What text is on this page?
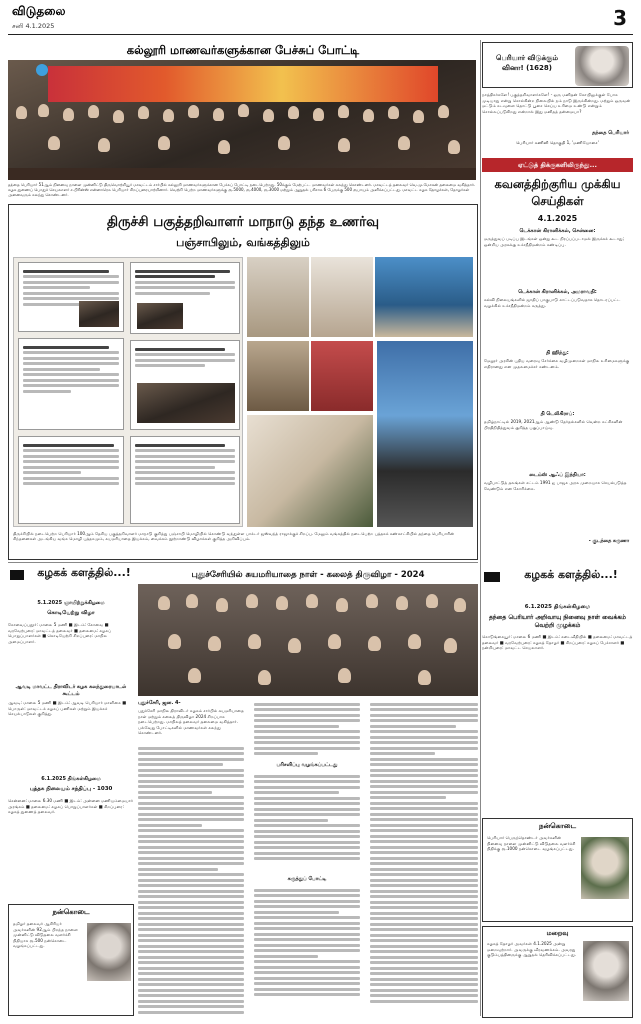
விடுதலை
சனி 4.1.2025	3
கல்லூரி மாணவர்களுக்கான பேச்சுப் போட்டி
தந்தை பெரியார் 51ஆம் நினைவு நாளை முன்னிட்டு திருவொற்றியூர் மாவட்டம் சார்பில் கல்லூரி மாணவர்களுக்கான பேச்சுப் போட்டி நடைபெற்றது. 50க்கும் மேற்பட்ட மாணவர்கள் கலந்து கொண்டனர். மாவட்டத் தலைவர் வெ.மு.மோகன் தலைமை வகித்தார். கழக துணைப் பொதுச் செயலாளர் ச.பிரின்ஸ் என்னாரெசு பெரியார் சிறப்புரையாற்றினார். வெற்றி பெற்ற மாணவர்களுக்கு ரூ.5000, ரூ.4000, ரூ.3000 மற்றும் ஆறுதல் பரிசாக 6 பேருக்கு 500 ரூபாயும் அளிக்கப்பட்டது. மாவட்ட கழக தோழர்கள், தோழர்கள் அனைவரும் கலந்து கொண்டனர்.
பெரியார் விடுக்கும் வினா! (1628)
நாத்திகர்களே! பகுத்தறிவாளர்களே! - ஒரு மனிதன் கோயிலுக்குள் போக முடியாது என்று சொல்கின்ற நிலையில் நம் நாடு இருக்கின்றது. மற்றும் ஒருவன் மட்டும் கடவுளை தொட்டு பூசை செய்ய உரிமை உண்டு என்றும் சொல்லப்படுகிறது என்றால் இது மனிதத் தன்மையா?
தந்தை பெரியார்
பெரியார் கணினி தொகுதி 1, 'மணியோசை'
ஏட்டுத் திக்குகளிலிருந்து...
கவனத்திற்குரிய முக்கிய செய்திகள்
4.1.2025
டெக்கான் கிரானிக்கல், சென்னை:
மருத்துவப் படிப்பு இடங்கள் ஒன்று கூட நிரப்பப்படாமல் இருக்கக் கூடாது; ஒன்றிய அரசுக்கு உச்சநீதிமன்றம் கண்டிப்பு.
டெக்கான் கிரானிக்கல், அமராவதி:
கல்வி நிலையங்களில் ஜாதிப் பாகுபாடு காட்டப்படுவதாக தொடரப்பட்ட வழக்கில் உச்சநீதிமன்றம் கருத்து.
தி ஹிந்து:
மேலூர் அரசின் புதிய வரைவு சேர்க்கை வழிமுறைகள் மாநில உரிமைகளுக்கு எதிரானது என முதலமைச்சர் கண்டனம்.
தி டெலிகிராப்:
தமிழ்நாட்டில் 2019, 2021ஆம் ஆண்டு தேர்தல்களில் வென்ற கட்சிகளின் பிரதிநிதித்துவம் குறித்த பகுப்பாய்வு.
டைம்ஸ் ஆஃப் இந்தியா:
வழிபாட்டுத் தலங்கள் சட்டம் 1991 ஐ பாஜக அரசு முறையாக செயல்படுத்த வேண்டும் என கோரிக்கை.
- குடந்தை கருணா
திருச்சி பகுத்தறிவாளர் மாநாடு தந்த உணர்வு
பஞ்சாபிலும், வங்கத்திலும்
திருச்சியில் நடைபெற்ற பெரியார் 100ஆம் தேசிய பகுத்தறிவாளர் மாநாடு குறித்து பஞ்சாபி மொழியில் கொண்டு வந்துள்ள பாக்டர் ஜஸ்வந்த் ராஜாக்குச் சிறப்பு. மேலும் வங்கத்தில் நடைபெற்ற புத்தகக் கண்காட்சியில் தந்தை பெரியாரின் சிந்தனைகள் அடங்கிய வங்க மொழி புத்தகமும், சுயமரியாதை இயக்கம், வைக்கம் நூற்றாண்டு விழாக்கள் குறித்த அறிவிப்பும்.
கழகக் களத்தில்...!
5.1.2025 ஞாயிற்றுக்கிழமை
கொடியேற்று விழா
கோவைப்புதூர்: மாலை 5 மணி ■ இடம்: கோவை ■ வரவேற்புரை: மாவட்டத் தலைவர் ■ தலைமை: கழகப் பொறுப்பாளர்கள் ■ கொடியேற்றி சிறப்புரை: மாநில அமைப்பாளர்.
ஆவடி மாவட்ட திராவிடர் கழக கலந்துரையாடல் கூட்டம்
ஆவடி: மாலை 5 மணி ■ இடம்: ஆவடி பெரியார் மாளிகை ■ பொருள்: மாவட்டக் கழகப் பணிகள் மற்றும் இயக்கச் செயல்பாடுகள் குறித்து.
6.1.2025 திங்கள்கிழமை
புத்தக நிலையம் சந்திப்பு - 1030
சென்னை: மாலை 6.30 மணி ■ இடம்: அன்னை மணியம்மையார் அரங்கம் ■ தலைமை: கழகப் பொறுப்பாளர்கள் ■ சிறப்புரை: கழகத் துணைத் தலைவர்.
நன்கொடை
தமிழர் தலைவர் ஆசிரியர் அவர்களின் 92ஆம் பிறந்த நாளை முன்னிட்டு விடுதலை வளர்ச்சி நிதியாக ரூ.500 நன்கொடை வழங்கப்பட்டது.
புதுச்சேரியில் சுயமரியாதை நாள் - கலைத் திருவிழா - 2024
புதுச்சேரி, ஜன. 4-
புதுச்சேரி மாநில திராவிடர் கழகம் சார்பில் சுயமரியாதை நாள் மற்றும் கலைத் திருவிழா 2024 சிறப்பாக நடைபெற்றது. மாநிலத் தலைவர் தலைமை வகித்தார். பல்வேறு போட்டிகளில் மாணவர்கள் கலந்து கொண்டனர்.
பரிசளிப்பு வழங்கப்பட்டது
கருத்துப் போட்டி
கழகக் களத்தில்...!
6.1.2025 திங்கள்கிழமை
தந்தை பெரியார் அறிவாயு நினைவு நாள் வைக்கம் வெற்றி முழக்கம்
கொடுங்கையூர்: மாலை 6 மணி ■ இடம்: கடைவீதியில் ■ தலைமை: மாவட்டத் தலைவர் ■ வரவேற்புரை: கழகத் தோழர் ■ சிறப்புரை: கழகப் பேச்சாளர் ■ நன்றியுரை: மாவட்ட செயலாளர்.
நன்கொடை
பெரியார் பெருந்தொண்டர் அவர்களின் நினைவு நாளை முன்னிட்டு விடுதலை வளர்ச்சி நிதிக்கு ரூ.1000 நன்கொடை வழங்கப்பட்டது.
மறைவு
கழகத் தோழர் அவர்கள் 4.1.2025 அன்று மறைவுற்றார். அவருக்கு வீரவணக்கம். அவரது குடும்பத்தினருக்கு ஆறுதல் தெரிவிக்கப்பட்டது.
